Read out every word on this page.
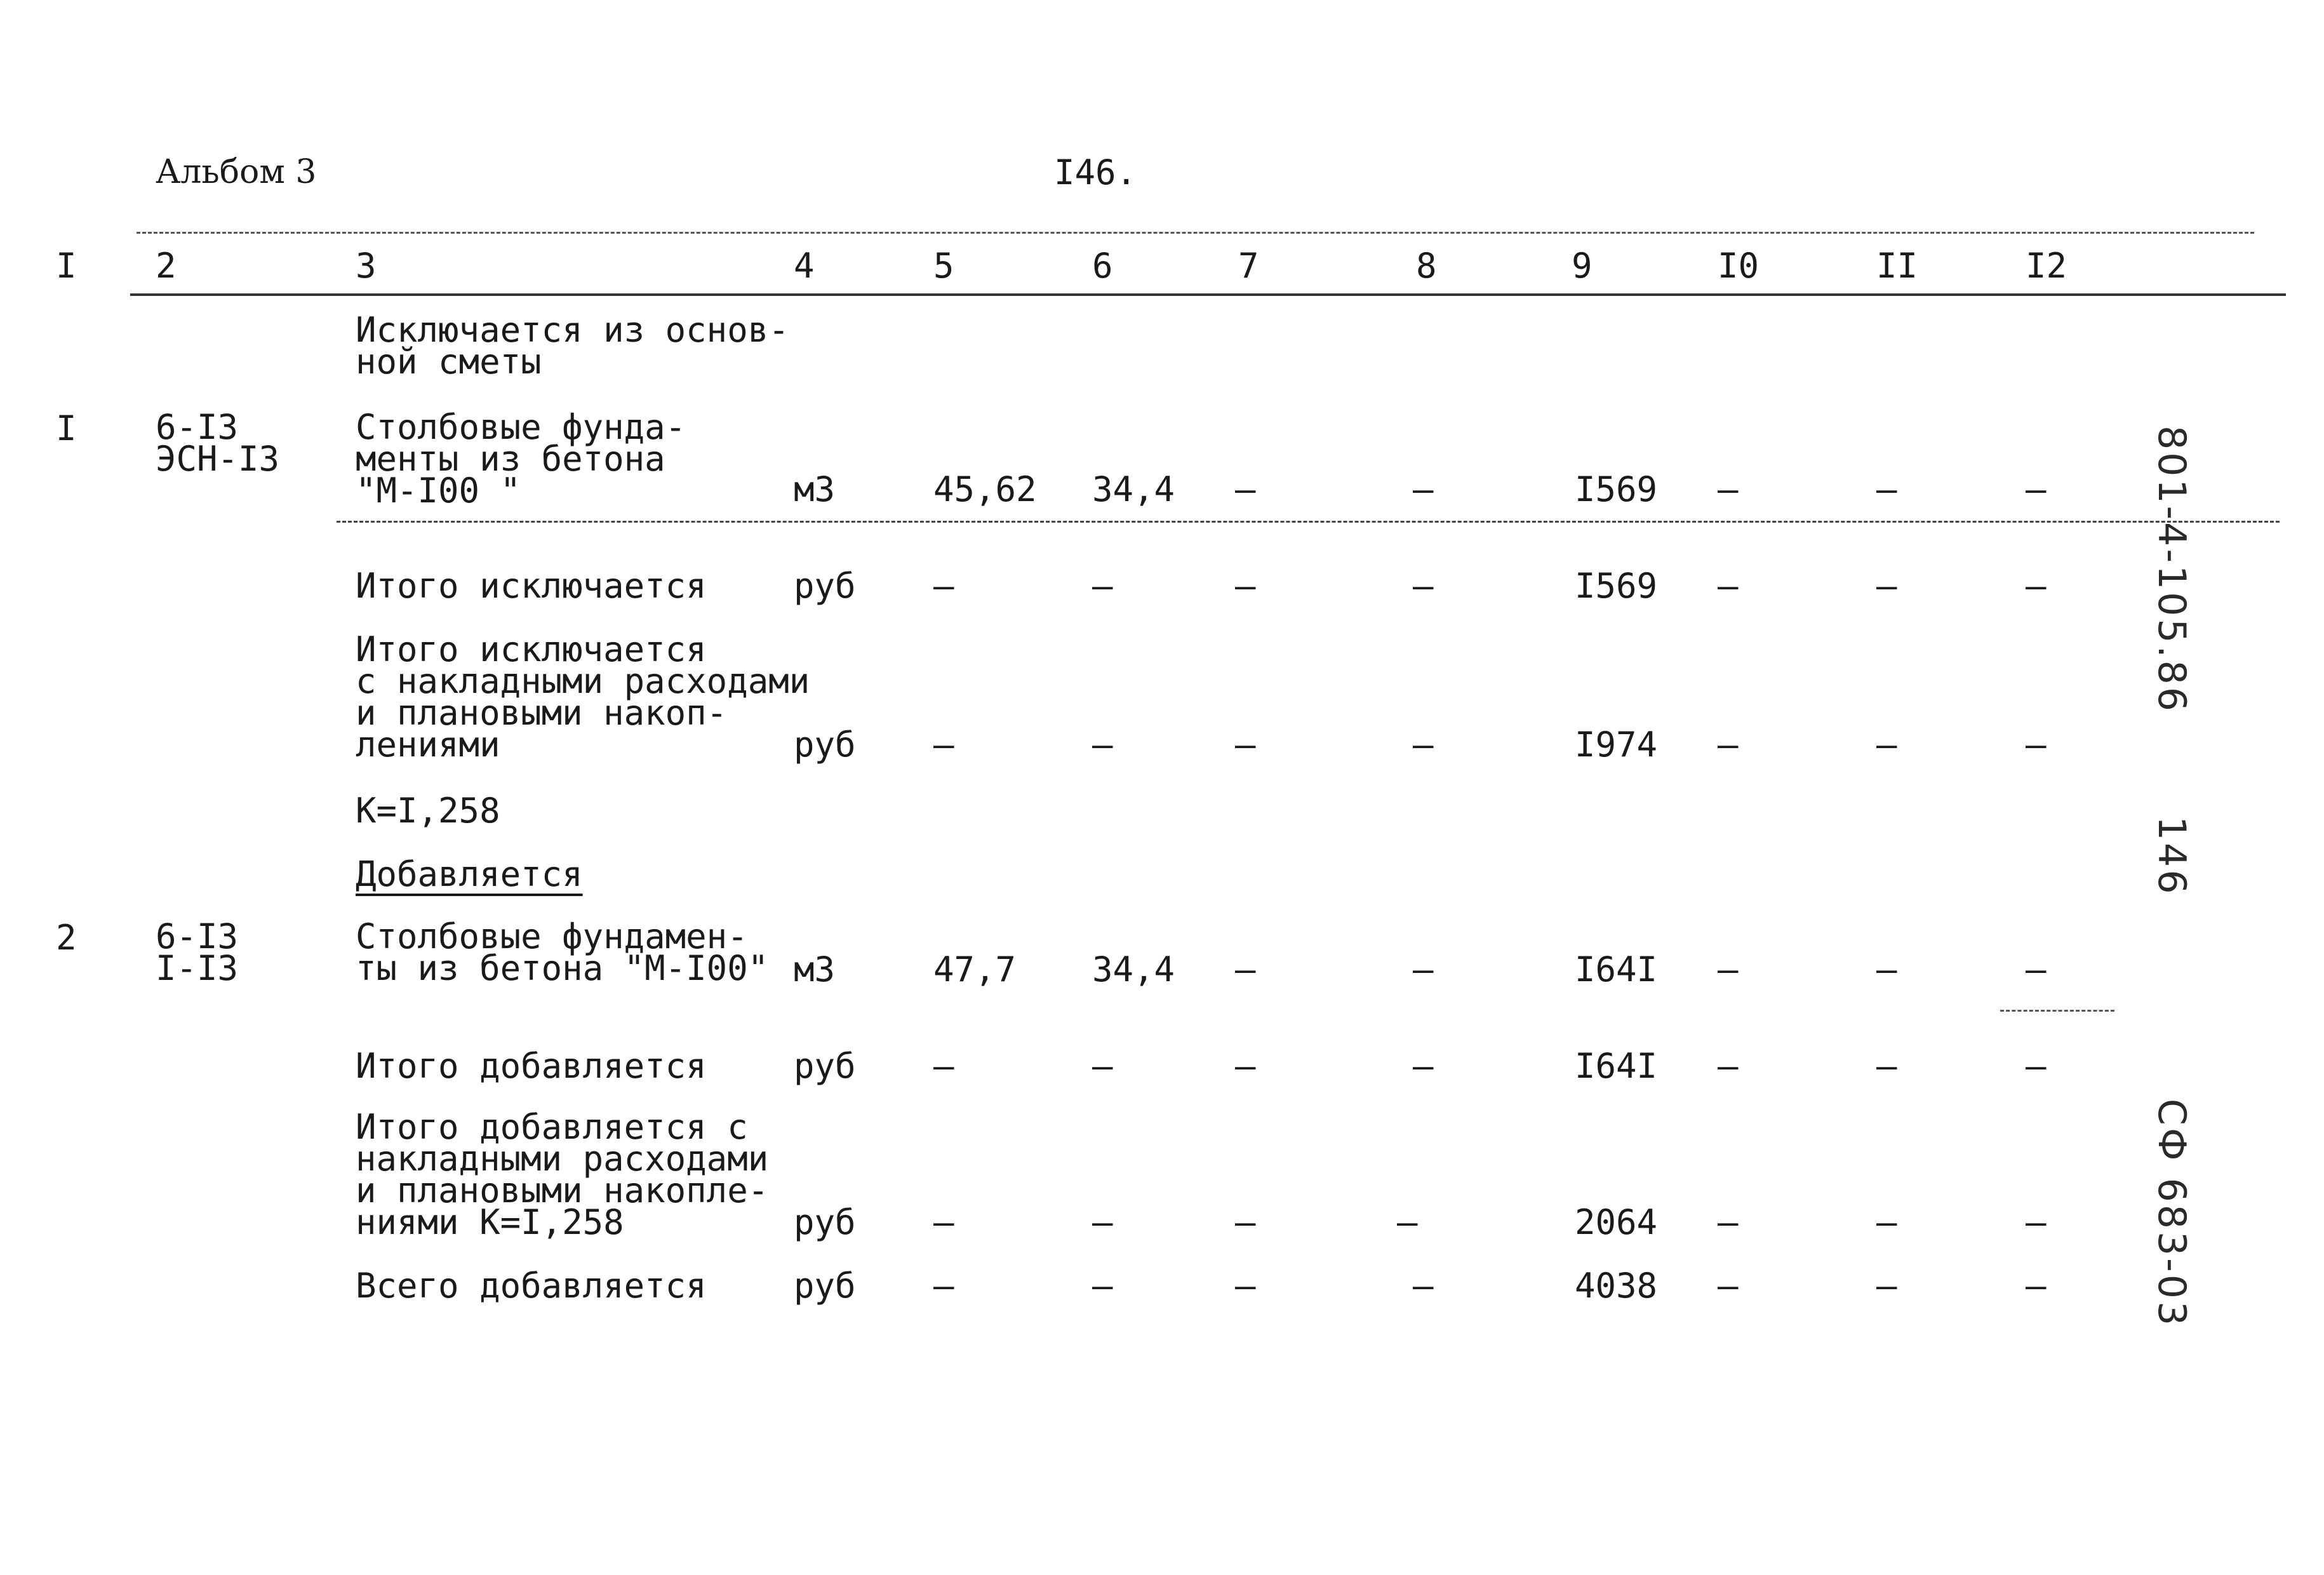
Альбом 3	I46.
I 2	3	4	5	6	7	8	9	I0	II	I2
Исключается из основ-
ной сметы
I 6-I3
ЭСН-I3
Столбовые фунда-
менты из бетона
"М-I00 "	м3	45,62 34,4 –	–	I569 –	–	–
Итого исключается	руб –	–	–	–	I569 –	–	–
Итого исключается
с накладными расходами
и плановыми накоп-
лениями	руб –	–	–	–	I974 –	–	–
К=I,258
Добавляется
2 6-I3
I-I3
Столбовые фундамен-
ты из бетона "М-I00" м3	47,7 34,4 –	–	I64I –	–	–
Итого добавляется	руб –	–	–	–	I64I –	–	–
Итого добавляется с
накладными расходами
и плановыми накопле-
ниями К=I,258	руб –	–	–	–	2064 –	–	–
Всего добавляется	руб –	–	–	–	4038 –	–	–
801-4-105.86
146
СФ 683-03
